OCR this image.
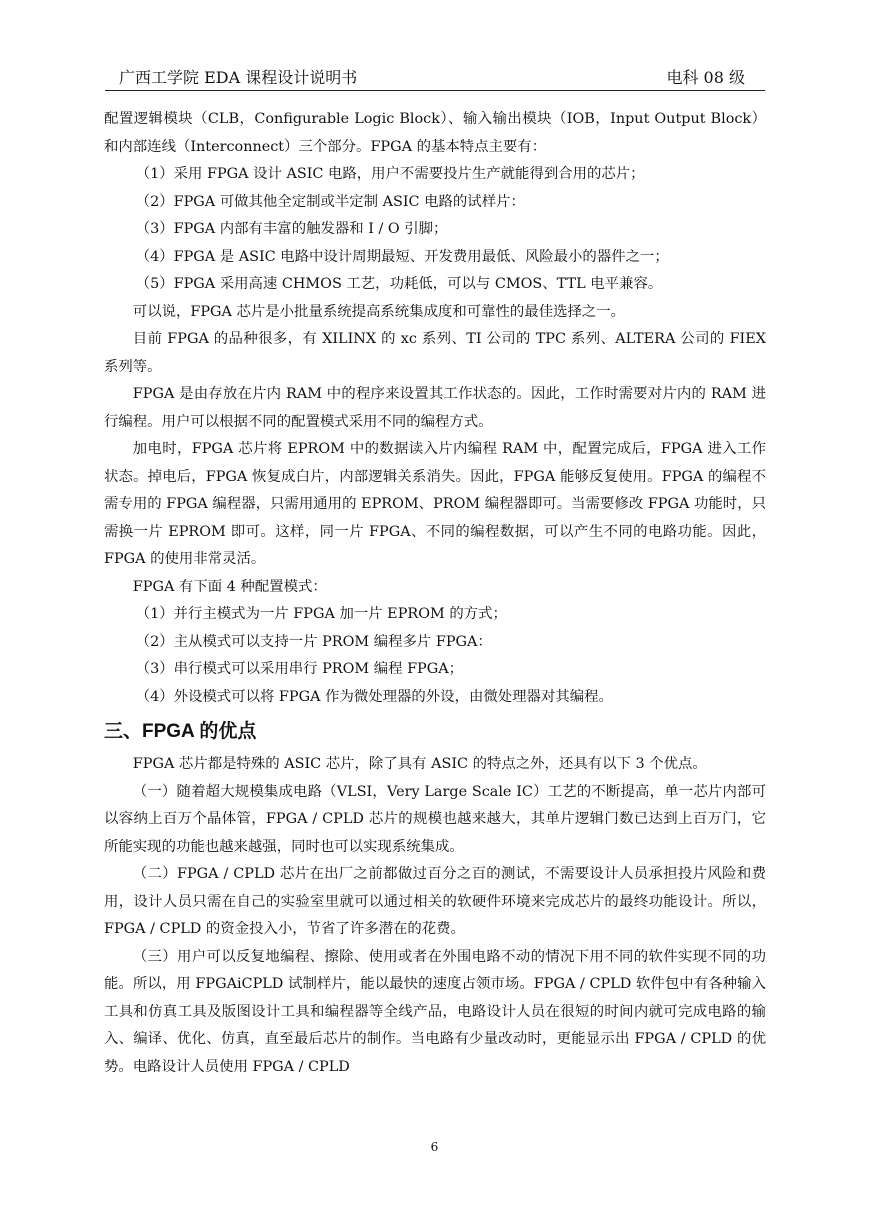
广西工学院 EDA 课程设计说明书	电科 08 级

配置逻辑模块（CLB，Configurable Logic Block）、输入输出模块（IOB，Input Output Block）和内部连线（Interconnect）三个部分。FPGA 的基本特点主要有：

（1）采用 FPGA 设计 ASIC 电路，用户不需要投片生产就能得到合用的芯片；

（2）FPGA 可做其他全定制或半定制 ASIC 电路的试样片：

（3）FPGA 内部有丰富的触发器和 I / O 引脚；

（4）FPGA 是 ASIC 电路中设计周期最短、开发费用最低、风险最小的器件之一；

（5）FPGA 采用高速 CHMOS 工艺，功耗低，可以与 CMOS、TTL 电平兼容。

可以说，FPGA 芯片是小批量系统提高系统集成度和可靠性的最佳选择之一。

目前 FPGA 的品种很多，有 XILINX 的 xc 系列、TI 公司的 TPC 系列、ALTERA 公司的 FIEX 系列等。

FPGA 是由存放在片内 RAM 中的程序来设置其工作状态的。因此，工作时需要对片内的 RAM 进行编程。用户可以根据不同的配置模式采用不同的编程方式。

加电时，FPGA 芯片将 EPROM 中的数据读入片内编程 RAM 中，配置完成后，FPGA 进入工作状态。掉电后，FPGA 恢复成白片，内部逻辑关系消失。因此，FPGA 能够反复使用。FPGA 的编程不需专用的 FPGA 编程器，只需用通用的 EPROM、PROM 编程器即可。当需要修改 FPGA 功能时，只需换一片 EPROM 即可。这样，同一片 FPGA、不同的编程数据，可以产生不同的电路功能。因此，FPGA 的使用非常灵活。

FPGA 有下面 4 种配置模式：

（1）并行主模式为一片 FPGA 加一片 EPROM 的方式；

（2）主从模式可以支持一片 PROM 编程多片 FPGA：

（3）串行模式可以采用串行 PROM 编程 FPGA；

（4）外设模式可以将 FPGA 作为微处理器的外设，由微处理器对其编程。

三、FPGA 的优点

FPGA 芯片都是特殊的 ASIC 芯片，除了具有 ASIC 的特点之外，还具有以下 3 个优点。

（一）随着超大规模集成电路（VLSI，Very Large Scale IC）工艺的不断提高，单一芯片内部可以容纳上百万个晶体管，FPGA / CPLD 芯片的规模也越来越大，其单片逻辑门数已达到上百万门，它所能实现的功能也越来越强，同时也可以实现系统集成。

（二）FPGA / CPLD 芯片在出厂之前都做过百分之百的测试，不需要设计人员承担投片风险和费用，设计人员只需在自己的实验室里就可以通过相关的软硬件环境来完成芯片的最终功能设计。所以，FPGA / CPLD 的资金投入小，节省了许多潜在的花费。

（三）用户可以反复地编程、擦除、使用或者在外围电路不动的情况下用不同的软件实现不同的功能。所以，用 FPGAiCPLD 试制样片，能以最快的速度占领市场。FPGA / CPLD 软件包中有各种输入工具和仿真工具及版图设计工具和编程器等全线产品，电路设计人员在很短的时间内就可完成电路的输入、编译、优化、仿真，直至最后芯片的制作。当电路有少量改动时，更能显示出 FPGA / CPLD 的优势。电路设计人员使用 FPGA / CPLD

6
